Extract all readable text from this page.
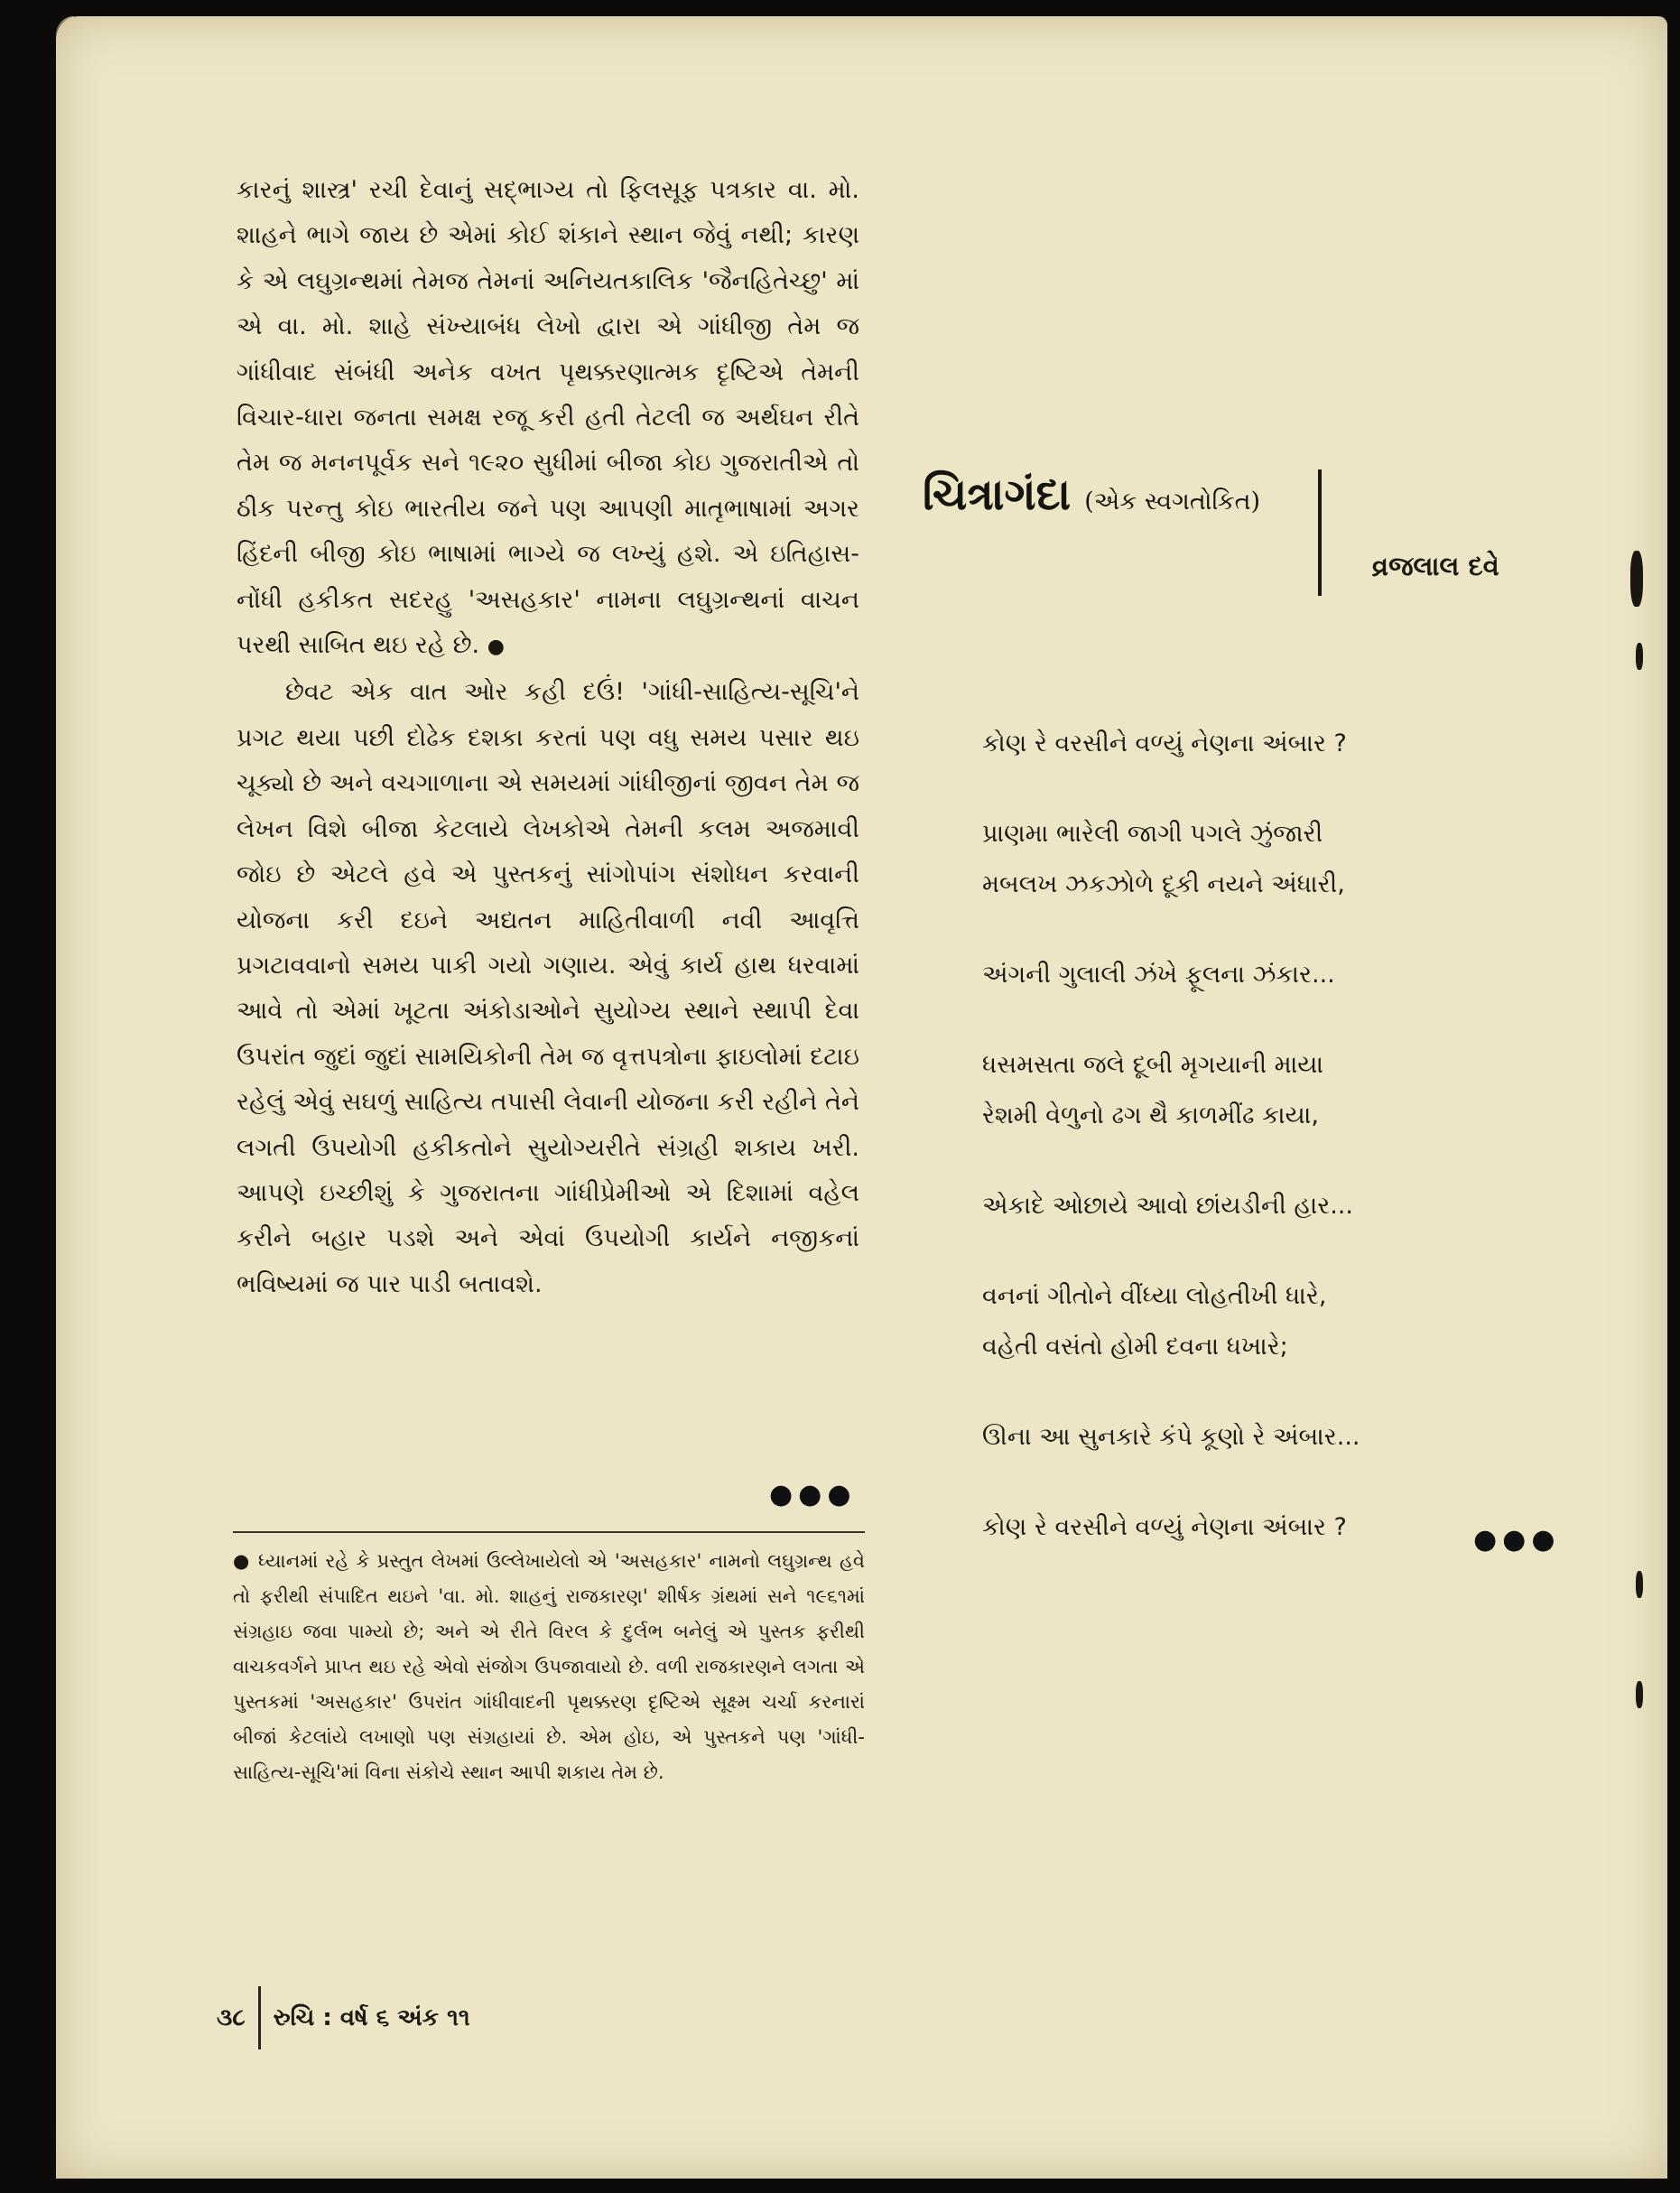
કારનું શાસ્ત્ર' રચી દેવાનું સદ્ભાગ્ય તો ફિલસૂફ પત્રકાર વા. મો. શાહને ભાગે જાય છે એમાં કોઈ શંકાને સ્થાન જેવું નથી; કારણ કે એ લઘુગ્રન્થમાં તેમજ તેમનાં અનિયતકાલિક 'જૈનહિતેચ્છુ' માં એ વા. મો. શાહે સંખ્યાબંધ લેખો દ્વારા એ ગાંધીજી તેમ જ ગાંધીવાદ સંબંધી અનેક વખત પૃથક્કરણાત્મક દૃષ્ટિએ તેમની વિચાર-ધારા જનતા સમક્ષ રજૂ કરી હતી તેટલી જ અર્થઘન રીતે તેમ જ મનનપૂર્વક સને ૧૯૨૦ સુધીમાં બીજા કોઇ ગુજરાતીએ તો ઠીક પરન્તુ કોઇ ભારતીય જને પણ આપણી માતૃભાષામાં અગર હિંદની બીજી કોઇ ભાષામાં ભાગ્યે જ લખ્યું હશે. એ ઇતિહાસ-નોંધી હકીકત સદરહુ 'અસહકાર' નામના લઘુગ્રન્થનાં વાચન પરથી સાબિત થઇ રહે છે. ●

છેવટ એક વાત ઓર કહી દઉં! 'ગાંધી-સાહિત્ય-સૂચિ'ને પ્રગટ થયા પછી દોઢેક દશકા કરતાં પણ વધુ સમય પસાર થઇ ચૂક્યો છે અને વચગાળાના એ સમયમાં ગાંધીજીનાં જીવન તેમ જ લેખન વિશે બીજા કેટલાયે લેખકોએ તેમની કલમ અજમાવી જોઇ છે એટલે હવે એ પુસ્તકનું સાંગોપાંગ સંશોધન કરવાની યોજના કરી દઇને અદ્યતન માહિતીવાળી નવી આવૃત્તિ પ્રગટાવવાનો સમય પાકી ગયો ગણાય. એવું કાર્ય હાથ ધરવામાં આવે તો એમાં ખૂટતા અંકોડાઓને સુયોગ્ય સ્થાને સ્થાપી દેવા ઉપરાંત જુદાં જુદાં સામયિકોની તેમ જ વૃત્તપત્રોના ફાઇલોમાં દટાઇ રહેલું એવું સઘળું સાહિત્ય તપાસી લેવાની યોજના કરી રહીને તેને લગતી ઉપયોગી હકીકતોને સુયોગ્યરીતે સંગ્રહી શકાય ખરી. આપણે ઇચ્છીશું કે ગુજરાતના ગાંધીપ્રેમીઓ એ દિશામાં વહેલ કરીને બહાર પડશે અને એવાં ઉપયોગી કાર્યને નજીકનાં ભવિષ્યમાં જ પાર પાડી બતાવશે.

●●●

● ધ્યાનમાં રહે કે પ્રસ્તુત લેખમાં ઉલ્લેખાયેલો એ 'અસહકાર' નામનો લઘુગ્રન્થ હવે તો ફરીથી સંપાદિત થઇને 'વા. મો. શાહનું રાજકારણ' શીર્ષક ગ્રંથમાં સને ૧૯૬૧માં સંગ્રહાઇ જવા પામ્યો છે; અને એ રીતે વિરલ કે દુર્લભ બનેલું એ પુસ્તક ફરીથી વાચકવર્ગને પ્રાપ્ત થઇ રહે એવો સંજોગ ઉપજાવાયો છે. વળી રાજકારણને લગતા એ પુસ્તકમાં 'અસહકાર' ઉપરાંત ગાંધીવાદની પૃથક્કરણ દૃષ્ટિએ સૂક્ષ્મ ચર્ચા કરનારાં બીજાં કેટલાંયે લખાણો પણ સંગ્રહાયાં છે. એમ હોઇ, એ પુસ્તકને પણ 'ગાંધી-સાહિત્ય-સૂચિ'માં વિના સંકોચે સ્થાન આપી શકાય તેમ છે.

૩૮ રુચિ : વર્ષ ૬ અંક ૧૧
ચિત્રાગંદા (એક સ્વગતોકિત)
વ્રજલાલ દવે
કોણ રે વરસીને વળ્યું નેણના અંબાર ?
પ્રાણમા ભારેલી જાગી પગલે ઝુંજારી
મબલખ ઝકઝોળે દૂકી નયને અંધારી,
અંગની ગુલાલી ઝંખે ફૂલના ઝંકાર...
ધસમસતા જલે દૂબી મૃગયાની માયા
રેશમી વેળુનો ઢગ થૈ કાળમીંઢ કાયા,
એકાદે ઓછાયે આવો છાંયડીની હાર...
વનનાં ગીતોને વીંધ્યા લોહતીખી ધારે,
વહેતી વસંતો હોમી દવના ધખારે;
ઊના આ સુનકારે કંપે કૂણો રે અંબાર...
કોણ રે વરસીને વળ્યું નેણના અંબાર ?	●●●
